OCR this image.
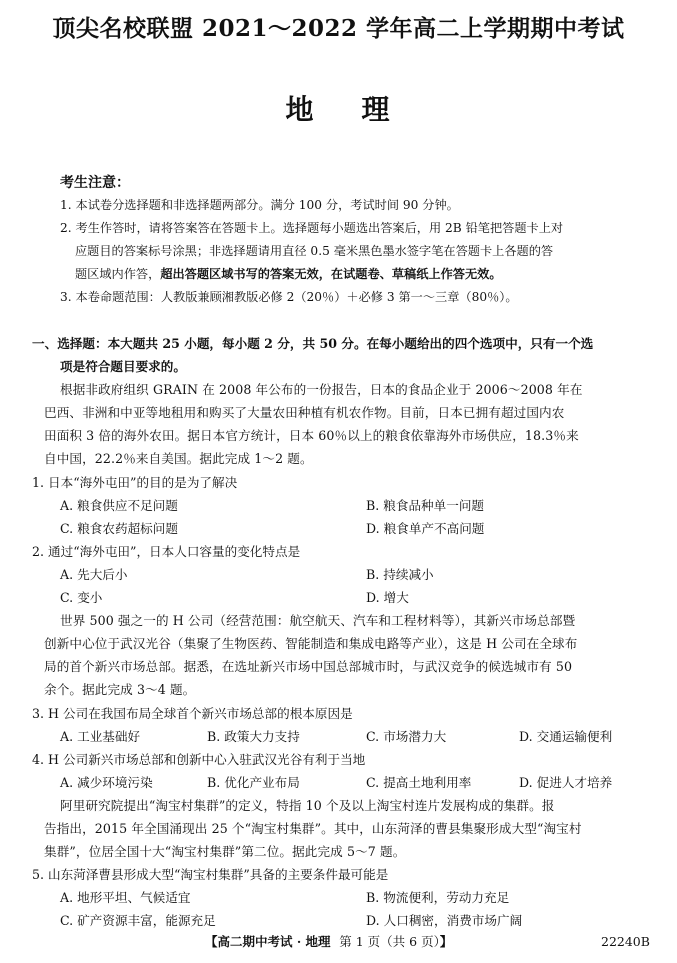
顶尖名校联盟 2021～2022 学年高二上学期期中考试
地 理
考生注意：
1. 本试卷分选择题和非选择题两部分。满分 100 分，考试时间 90 分钟。
2. 考生作答时，请将答案答在答题卡上。选择题每小题选出答案后，用 2B 铅笔把答题卡上对
应题目的答案标号涂黑；非选择题请用直径 0.5 毫米黑色墨水签字笔在答题卡上各题的答
题区域内作答，超出答题区域书写的答案无效，在试题卷、草稿纸上作答无效。
3. 本卷命题范围：人教版兼顾湘教版必修 2（20％）＋必修 3 第一～三章（80％）。
一、选择题：本大题共 25 小题，每小题 2 分，共 50 分。在每小题给出的四个选项中，只有一个选
项是符合题目要求的。
根据非政府组织 GRAIN 在 2008 年公布的一份报告，日本的食品企业于 2006～2008 年在
巴西、非洲和中亚等地租用和购买了大量农田种植有机农作物。目前，日本已拥有超过国内农
田面积 3 倍的海外农田。据日本官方统计，日本 60％以上的粮食依靠海外市场供应，18.3％来
自中国，22.2％来自美国。据此完成 1～2 题。
1. 日本“海外屯田”的目的是为了解决
A. 粮食供应不足问题	B. 粮食品种单一问题
C. 粮食农药超标问题	D. 粮食单产不高问题
2. 通过“海外屯田”，日本人口容量的变化特点是
A. 先大后小	B. 持续减小
C. 变小	D. 增大
世界 500 强之一的 H 公司（经营范围：航空航天、汽车和工程材料等），其新兴市场总部暨
创新中心位于武汉光谷（集聚了生物医药、智能制造和集成电路等产业），这是 H 公司在全球布
局的首个新兴市场总部。据悉，在选址新兴市场中国总部城市时，与武汉竞争的候选城市有 50
余个。据此完成 3～4 题。
3. H 公司在我国布局全球首个新兴市场总部的根本原因是
A. 工业基础好	B. 政策大力支持	C. 市场潜力大	D. 交通运输便利
4. H 公司新兴市场总部和创新中心入驻武汉光谷有利于当地
A. 减少环境污染	B. 优化产业布局	C. 提高土地利用率	D. 促进人才培养
阿里研究院提出“淘宝村集群”的定义，特指 10 个及以上淘宝村连片发展构成的集群。报
告指出，2015 年全国涌现出 25 个“淘宝村集群”。其中，山东菏泽的曹县集聚形成大型“淘宝村
集群”，位居全国十大“淘宝村集群”第二位。据此完成 5～7 题。
5. 山东菏泽曹县形成大型“淘宝村集群”具备的主要条件最可能是
A. 地形平坦、气候适宜	B. 物流便利，劳动力充足
C. 矿产资源丰富，能源充足	D. 人口稠密，消费市场广阔
【高二期中考试 · 地理 第 1 页（共 6 页）】	22240B
